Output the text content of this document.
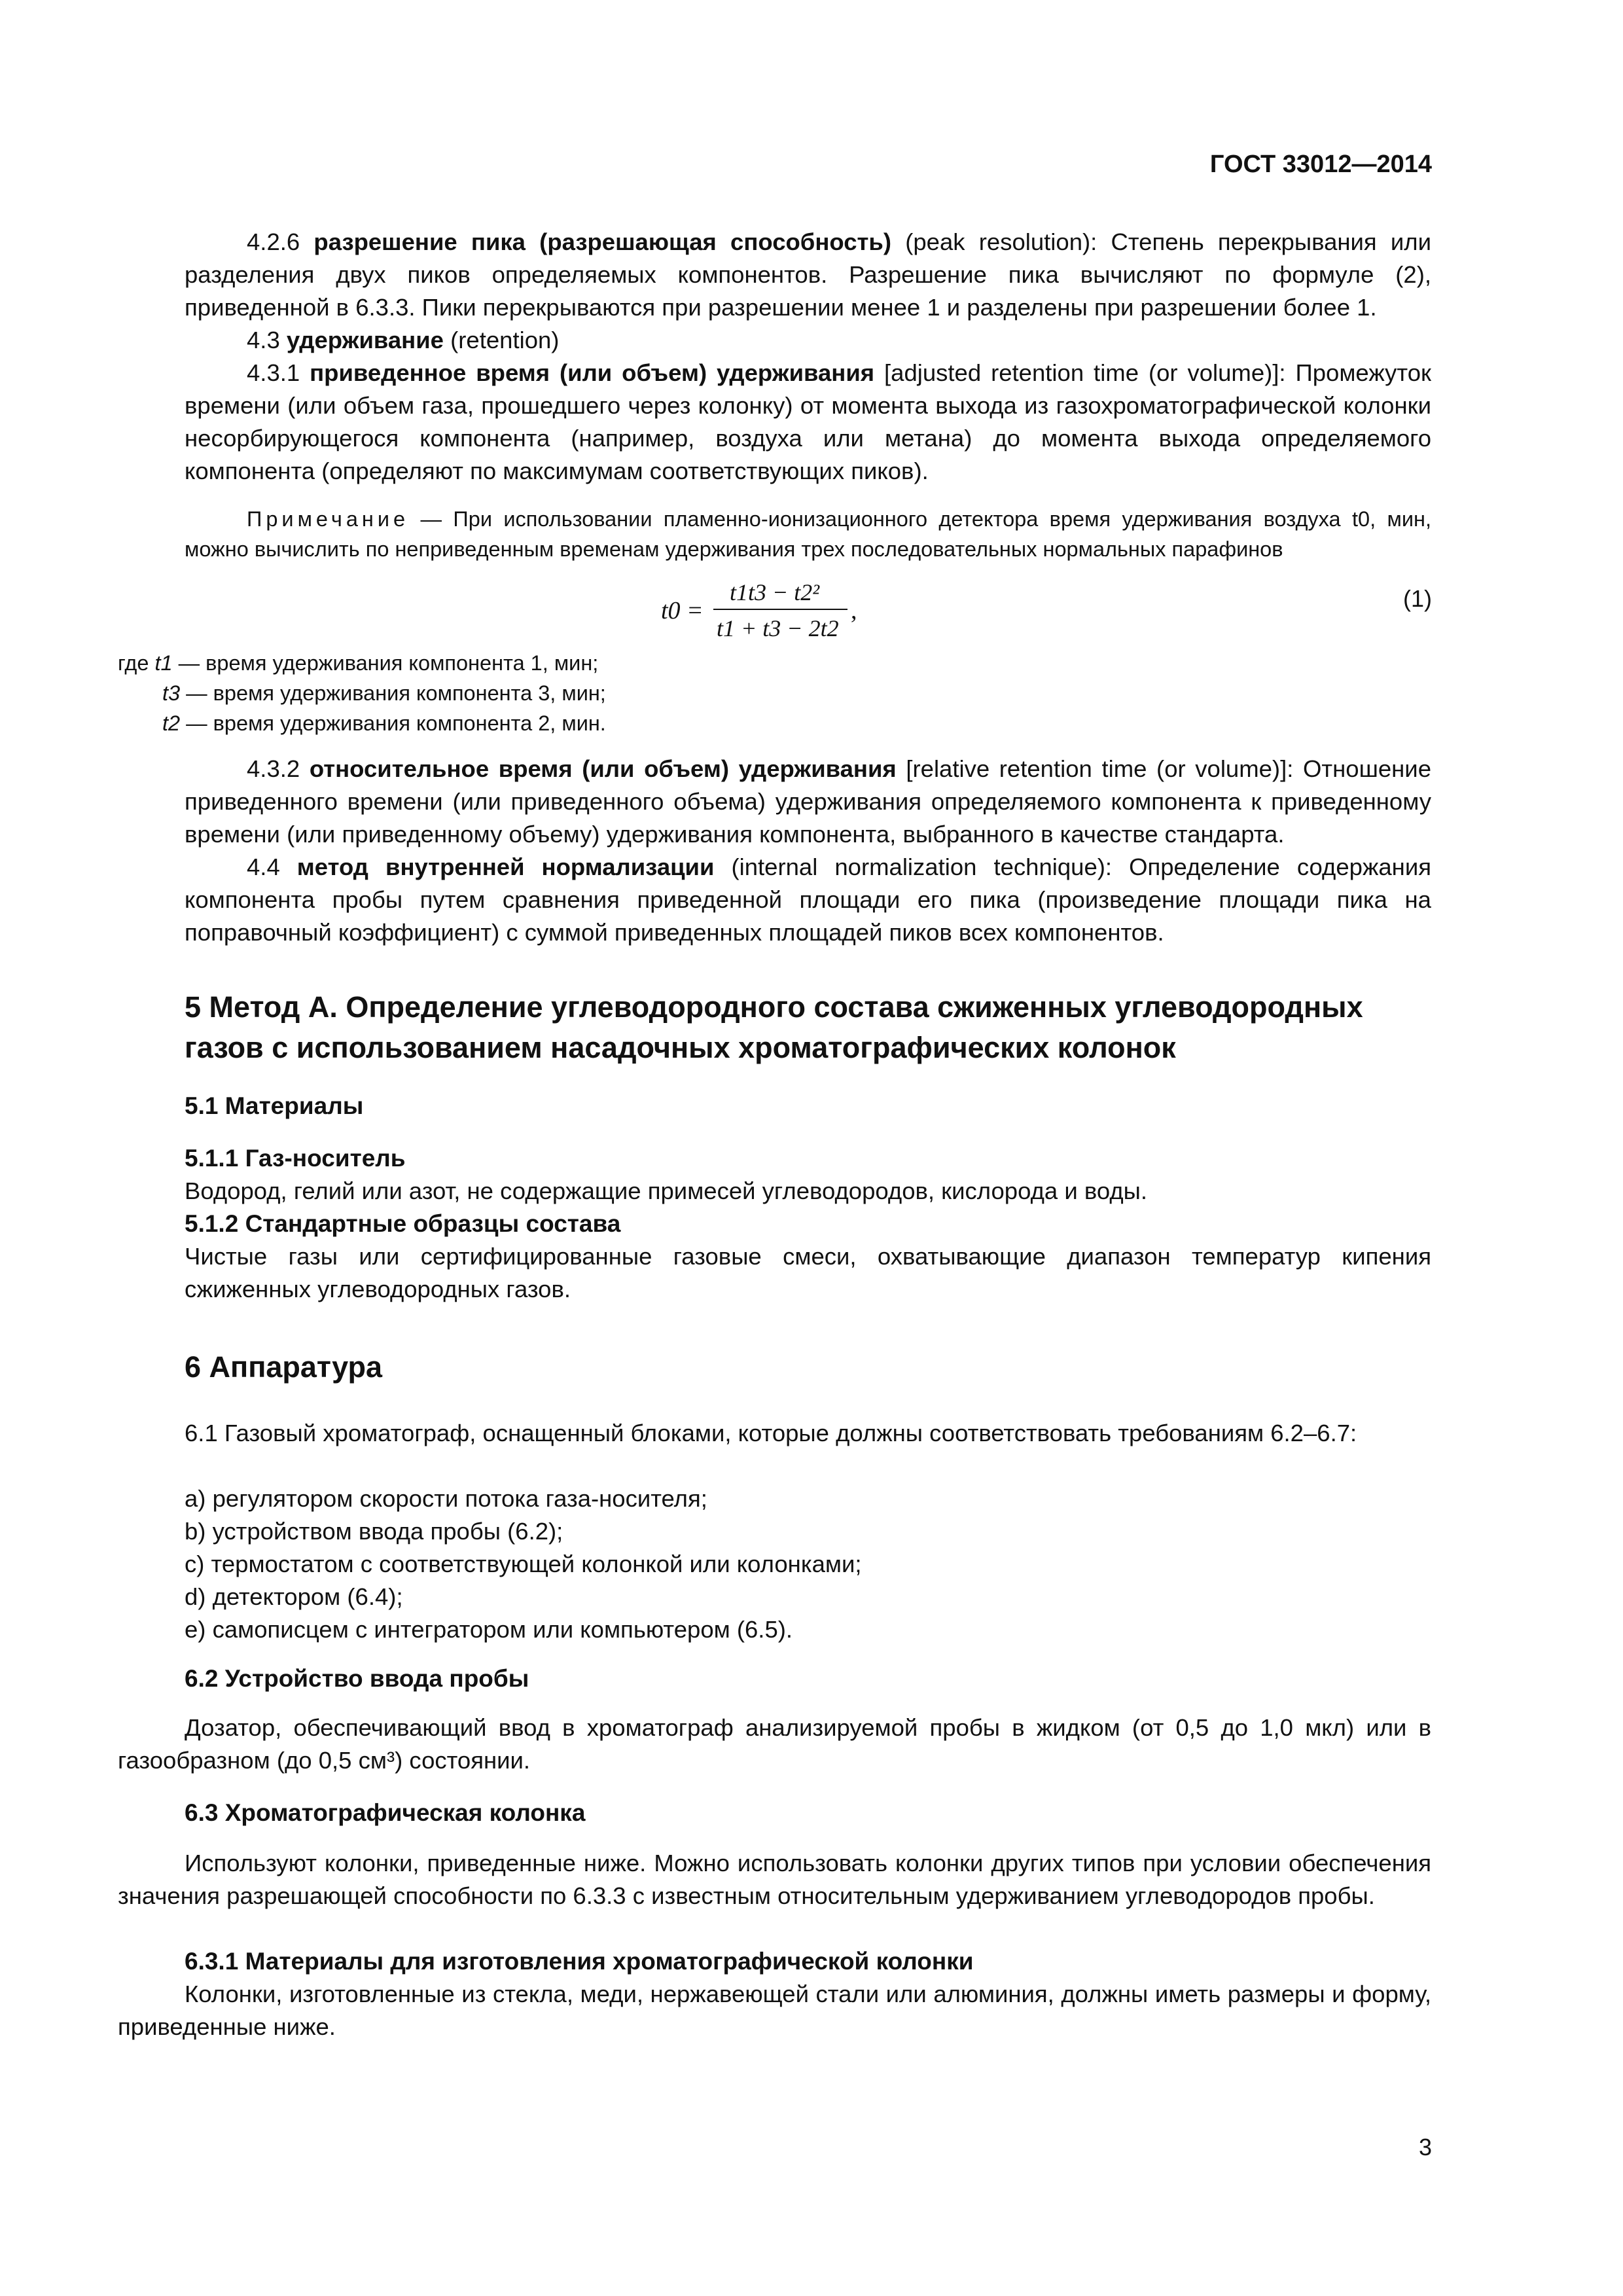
ГОСТ 33012—2014

4.2.6 разрешение пика (разрешающая способность) (peak resolution): Степень перекрывания или разделения двух пиков определяемых компонентов. Разрешение пика вычисляют по формуле (2), приведенной в 6.3.3. Пики перекрываются при разрешении менее 1 и разделены при разрешении более 1.

4.3 удерживание (retention)

4.3.1 приведенное время (или объем) удерживания [adjusted retention time (or volume)]: Промежуток времени (или объем газа, прошедшего через колонку) от момента выхода из газохроматографической колонки несорбирующегося компонента (например, воздуха или метана) до момента выхода определяемого компонента (определяют по максимумам соответствующих пиков).

Примечание — При использовании пламенно-ионизационного детектора время удерживания воздуха t0, мин, можно вычислить по неприведенным временам удерживания трех последовательных нормальных парафинов

t0 =
t1t3 − t2²
t1 + t3 − 2t2
,	(1)
где t1 — время удерживания компонента 1, мин;
t3 — время удерживания компонента 3, мин;
t2 — время удерживания компонента 2, мин.

4.3.2 относительное время (или объем) удерживания [relative retention time (or volume)]: Отношение приведенного времени (или приведенного объема) удерживания определяемого компонента к приведенному времени (или приведенному объему) удерживания компонента, выбранного в качестве стандарта.

4.4 метод внутренней нормализации (internal normalization technique): Определение содержания компонента пробы путем сравнения приведенной площади его пика (произведение площади пика на поправочный коэффициент) с суммой приведенных площадей пиков всех компонентов.

5 Метод А. Определение углеводородного состава сжиженных углеводородных газов с использованием насадочных хроматографических колонок

5.1 Материалы

5.1.1 Газ-носитель

Водород, гелий или азот, не содержащие примесей углеводородов, кислорода и воды.

5.1.2 Стандартные образцы состава

Чистые газы или сертифицированные газовые смеси, охватывающие диапазон температур кипения сжиженных углеводородных газов.

6 Аппаратура

6.1 Газовый хроматограф, оснащенный блоками, которые должны соответствовать требованиям 6.2–6.7:

a) регулятором скорости потока газа-носителя;

b) устройством ввода пробы (6.2);

c) термостатом с соответствующей колонкой или колонками;

d) детектором (6.4);

e) самописцем с интегратором или компьютером (6.5).

6.2 Устройство ввода пробы

Дозатор, обеспечивающий ввод в хроматограф анализируемой пробы в жидком (от 0,5 до 1,0 мкл) или в газообразном (до 0,5 см³) состоянии.

6.3 Хроматографическая колонка

Используют колонки, приведенные ниже. Можно использовать колонки других типов при условии обеспечения значения разрешающей способности по 6.3.3 с известным относительным удерживанием углеводородов пробы.

6.3.1 Материалы для изготовления хроматографической колонки

Колонки, изготовленные из стекла, меди, нержавеющей стали или алюминия, должны иметь размеры и форму, приведенные ниже.

3
